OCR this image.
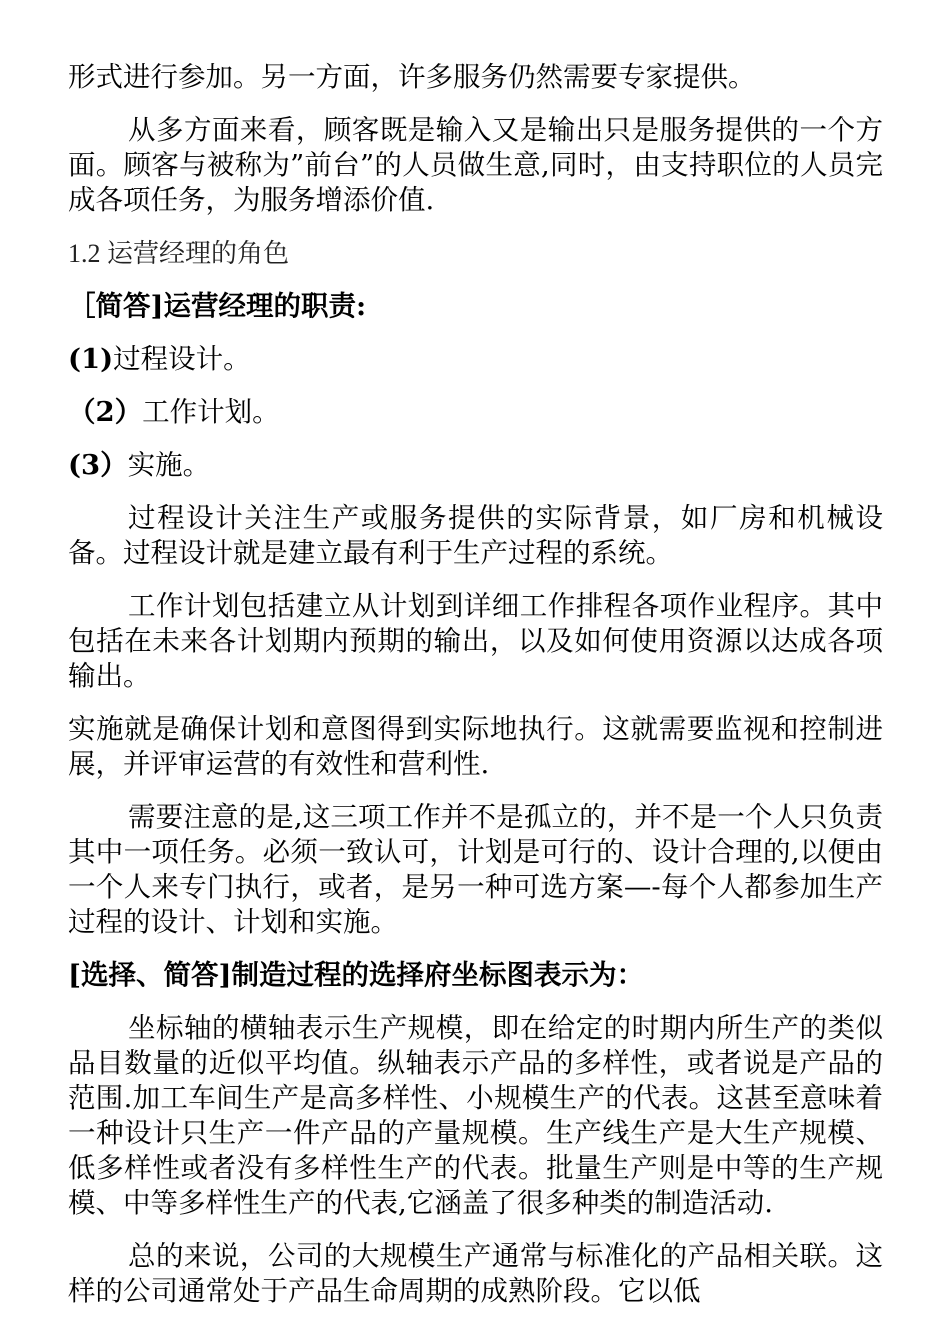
形式进行参加。另一方面，许多服务仍然需要专家提供。

从多方面来看，顾客既是输入又是输出只是服务提供的一个方面。顾客与被称为”前台”的人员做生意,同时，由支持职位的人员完成各项任务，为服务增添价值.

1.2 运营经理的角色

［简答]运营经理的职责:

(1)过程设计。

（2）工作计划。

(3）实施。

过程设计关注生产或服务提供的实际背景，如厂房和机械设备。过程设计就是建立最有利于生产过程的系统。

工作计划包括建立从计划到详细工作排程各项作业程序。其中包括在未来各计划期内预期的输出，以及如何使用资源以达成各项输出。

实施就是确保计划和意图得到实际地执行。这就需要监视和控制进展，并评审运营的有效性和营利性.

需要注意的是,这三项工作并不是孤立的，并不是一个人只负责其中一项任务。必须一致认可，计划是可行的、设计合理的,以便由一个人来专门执行，或者，是另一种可选方案—-每个人都参加生产过程的设计、计划和实施。

[选择、简答]制造过程的选择府坐标图表示为：

坐标轴的横轴表示生产规模，即在给定的时期内所生产的类似品目数量的近似平均值。纵轴表示产品的多样性，或者说是产品的范围.加工车间生产是高多样性、小规模生产的代表。这甚至意味着一种设计只生产一件产品的产量规模。生产线生产是大生产规模、低多样性或者没有多样性生产的代表。批量生产则是中等的生产规模、中等多样性生产的代表,它涵盖了很多种类的制造活动.

总的来说，公司的大规模生产通常与标准化的产品相关联。这样的公司通常处于产品生命周期的成熟阶段。它以低
